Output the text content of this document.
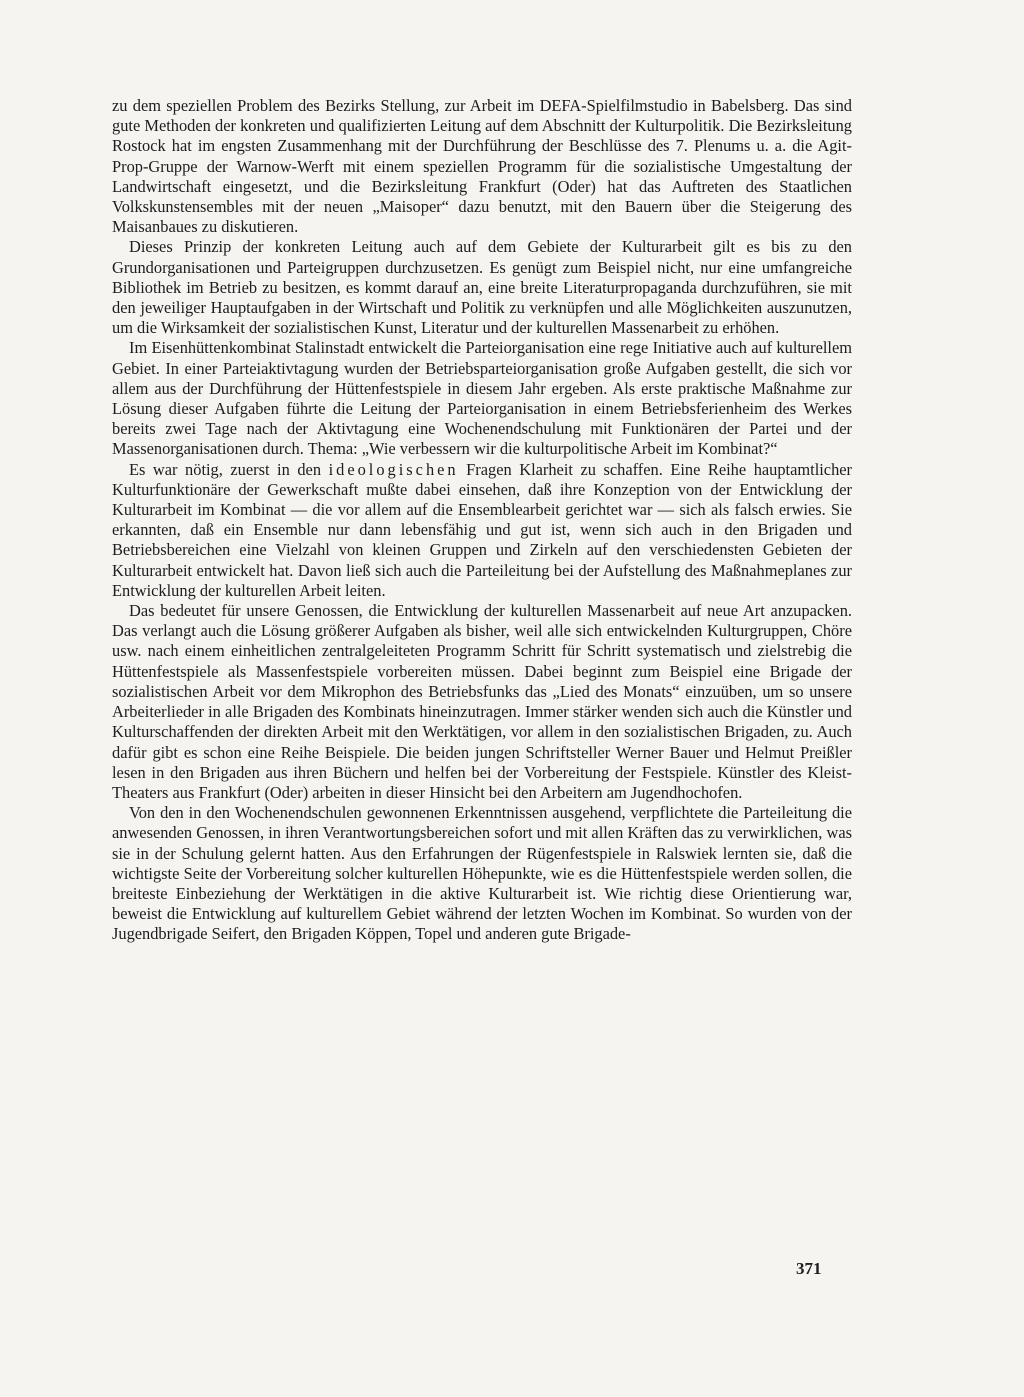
zu dem speziellen Problem des Bezirks Stellung, zur Arbeit im DEFA-Spielfilmstudio in Babelsberg. Das sind gute Methoden der konkreten und qualifizierten Leitung auf dem Abschnitt der Kulturpolitik. Die Bezirksleitung Rostock hat im engsten Zusammenhang mit der Durchführung der Beschlüsse des 7. Plenums u. a. die Agit-Prop-Gruppe der Warnow-Werft mit einem speziellen Programm für die sozialistische Umgestaltung der Landwirtschaft eingesetzt, und die Bezirksleitung Frankfurt (Oder) hat das Auftreten des Staatlichen Volkskunstensembles mit der neuen „Maisoper“ dazu benutzt, mit den Bauern über die Steigerung des Maisanbaues zu diskutieren.

Dieses Prinzip der konkreten Leitung auch auf dem Gebiete der Kulturarbeit gilt es bis zu den Grundorganisationen und Parteigruppen durchzusetzen. Es genügt zum Beispiel nicht, nur eine umfangreiche Bibliothek im Betrieb zu besitzen, es kommt darauf an, eine breite Literaturpropaganda durchzuführen, sie mit den jeweiliger Hauptaufgaben in der Wirtschaft und Politik zu verknüpfen und alle Möglichkeiten auszunutzen, um die Wirksamkeit der sozialistischen Kunst, Literatur und der kulturellen Massenarbeit zu erhöhen.

Im Eisenhüttenkombinat Stalinstadt entwickelt die Parteiorganisation eine rege Initiative auch auf kulturellem Gebiet. In einer Parteiaktivtagung wurden der Betriebsparteiorganisation große Aufgaben gestellt, die sich vor allem aus der Durchführung der Hüttenfestspiele in diesem Jahr ergeben. Als erste praktische Maßnahme zur Lösung dieser Aufgaben führte die Leitung der Parteiorganisation in einem Betriebsferienheim des Werkes bereits zwei Tage nach der Aktivtagung eine Wochenendschulung mit Funktionären der Partei und der Massenorganisationen durch. Thema: „Wie verbessern wir die kulturpolitische Arbeit im Kombinat?“

Es war nötig, zuerst in den ideologischen Fragen Klarheit zu schaffen. Eine Reihe hauptamtlicher Kulturfunktionäre der Gewerkschaft mußte dabei einsehen, daß ihre Konzeption von der Entwicklung der Kulturarbeit im Kombinat — die vor allem auf die Ensemblearbeit gerichtet war — sich als falsch erwies. Sie erkannten, daß ein Ensemble nur dann lebensfähig und gut ist, wenn sich auch in den Brigaden und Betriebsbereichen eine Vielzahl von kleinen Gruppen und Zirkeln auf den verschiedensten Gebieten der Kulturarbeit entwickelt hat. Davon ließ sich auch die Parteileitung bei der Aufstellung des Maßnahmeplanes zur Entwicklung der kulturellen Arbeit leiten.

Das bedeutet für unsere Genossen, die Entwicklung der kulturellen Massenarbeit auf neue Art anzupacken. Das verlangt auch die Lösung größerer Aufgaben als bisher, weil alle sich entwickelnden Kulturgruppen, Chöre usw. nach einem einheitlichen zentralgeleiteten Programm Schritt für Schritt systematisch und zielstrebig die Hüttenfestspiele als Massenfestspiele vorbereiten müssen. Dabei beginnt zum Beispiel eine Brigade der sozialistischen Arbeit vor dem Mikrophon des Betriebsfunks das „Lied des Monats“ einzuüben, um so unsere Arbeiterlieder in alle Brigaden des Kombinats hineinzutragen. Immer stärker wenden sich auch die Künstler und Kulturschaffenden der direkten Arbeit mit den Werktätigen, vor allem in den sozialistischen Brigaden, zu. Auch dafür gibt es schon eine Reihe Beispiele. Die beiden jungen Schriftsteller Werner Bauer und Helmut Preißler lesen in den Brigaden aus ihren Büchern und helfen bei der Vorbereitung der Festspiele. Künstler des Kleist-Theaters aus Frankfurt (Oder) arbeiten in dieser Hinsicht bei den Arbeitern am Jugendhochofen.

Von den in den Wochenendschulen gewonnenen Erkenntnissen ausgehend, verpflichtete die Parteileitung die anwesenden Genossen, in ihren Verantwortungsbereichen sofort und mit allen Kräften das zu verwirklichen, was sie in der Schulung gelernt hatten. Aus den Erfahrungen der Rügenfestspiele in Ralswiek lernten sie, daß die wichtigste Seite der Vorbereitung solcher kulturellen Höhepunkte, wie es die Hüttenfestspiele werden sollen, die breiteste Einbeziehung der Werktätigen in die aktive Kulturarbeit ist. Wie richtig diese Orientierung war, beweist die Entwicklung auf kulturellem Gebiet während der letzten Wochen im Kombinat. So wurden von der Jugendbrigade Seifert, den Brigaden Köppen, Topel und anderen gute Brigade-

371
